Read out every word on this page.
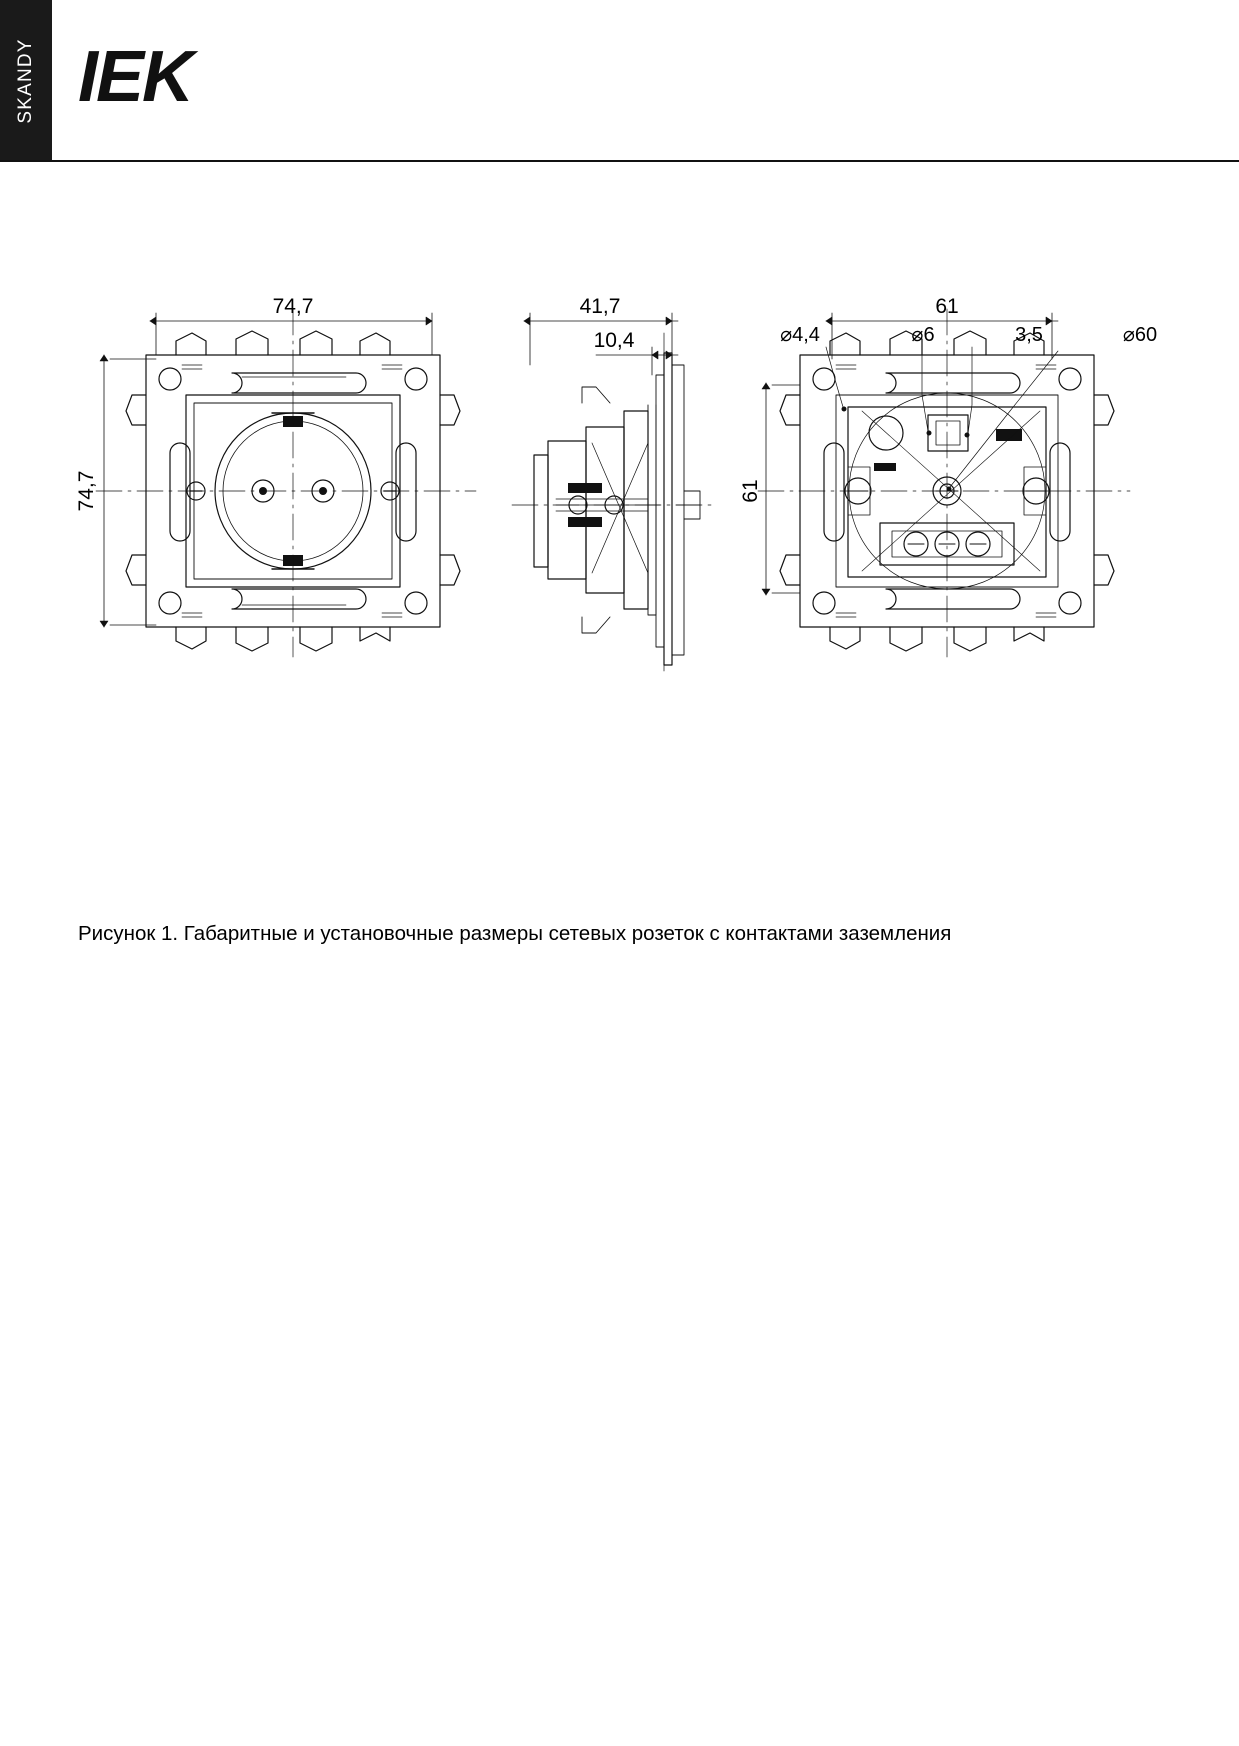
SKANDY IEK
74,7
74,7
41,7
10,4
61
61
⌀4,4	⌀6	3,5	⌀60
Рисунок 1. Габаритные и установочные размеры сетевых розеток с контактами заземления
